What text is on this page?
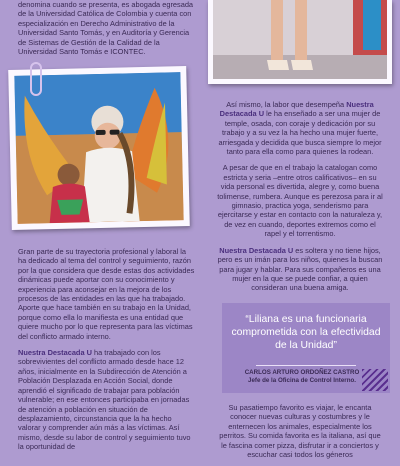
denomina cuando se presenta, es abogada egresada de la Universidad Católica de Colombia y cuenta con especialización en Derecho Administrativo de la Universidad Santo Tomás, y en Auditoría y Gerencia de Sistemas de Gestión de la Calidad de la Universidad Santo Tomás e ICONTEC.

Gran parte de su trayectoria profesional y laboral la ha dedicado al tema del control y seguimiento, razón por la que considera que desde estas dos actividades dinámicas puede aportar con su conocimiento y experiencia para aconsejar en la mejora de los procesos de las entidades en las que ha trabajado. Aporte que hace también en su trabajo en la Unidad, porque como ella lo manifiesta es una entidad que quiere mucho por lo que representa para las víctimas del conflicto armado interno.

Nuestra Destacada U ha trabajado con los sobrevivientes del conflicto armado desde hace 12 años, inicialmente en la Subdirección de Atención a Población Desplazada en Acción Social, donde aprendió el significado de trabajar para población vulnerable; en ese entonces participaba en jornadas de atención a población en situación de desplazamiento, circunstancia que la ha hecho valorar y comprender aún más a las víctimas. Así mismo, desde su labor de control y seguimiento tuvo la oportunidad de

Así mismo, la labor que desempeña Nuestra Destacada U le ha enseñado a ser una mujer de temple, osada, con coraje y dedicación por su trabajo y a su vez la ha hecho una mujer fuerte, arriesgada y decidida que busca siempre lo mejor tanto para ella como para quienes la rodean.

A pesar de que en el trabajo la catalogan como estricta y seria –entre otros calificativos– en su vida personal es divertida, alegre y, como buena tolimense, rumbera. Aunque es perezosa para ir al gimnasio, practica yoga, senderismo para ejercitarse y estar en contacto con la naturaleza y, de vez en cuando, deportes extremos como el rapel y el torrentismo.

Nuestra Destacada U es soltera y no tiene hijos, pero es un imán para los niños, quienes la buscan para jugar y hablar. Para sus compañeros es una mujer en la que se puede confiar, a quien consideran una buena amiga.

“Liliana es una funcionaria comprometida con la efectividad de la Unidad”
CARLOS ARTURO ORDOÑEZ CASTRO
Jefe de la Oficina de Control Interno.

Su pasatiempo favorito es viajar, le encanta conocer nuevas culturas y costumbres y le enternecen los animales, especialmente los perritos. Su comida favorita es la italiana, así que le fascina comer pizza, disfrutar ir a conciertos y escuchar casi todos los géneros
